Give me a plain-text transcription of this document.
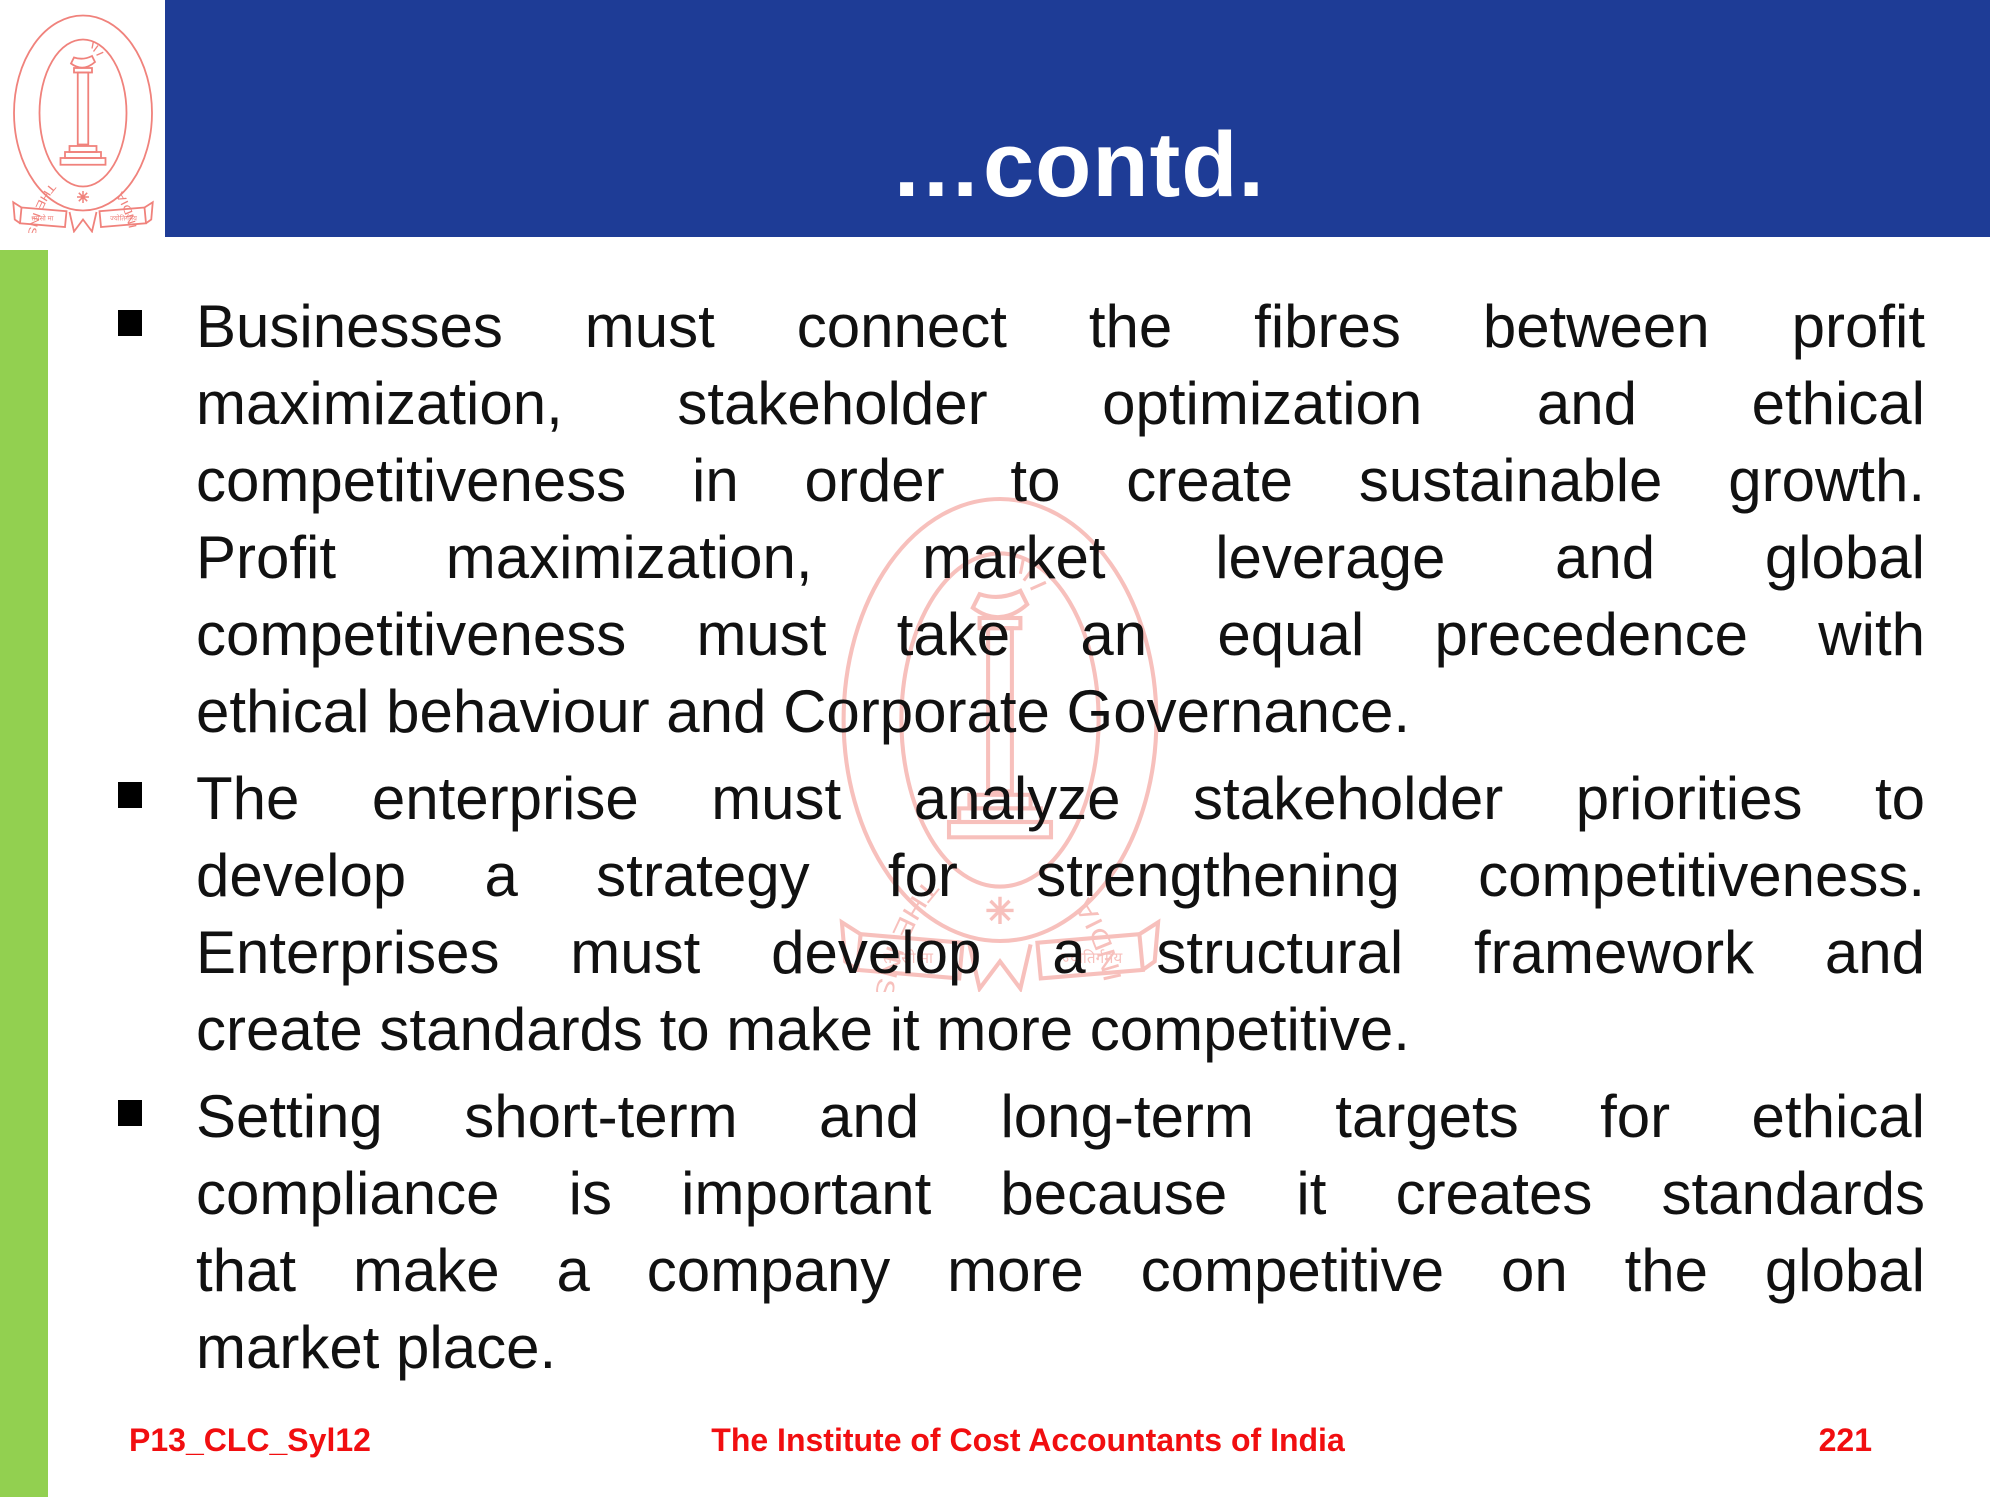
…contd.
Businesses must connect the fibres between profit
maximization, stakeholder optimization and ethical
competitiveness in order to create sustainable growth.
Profit maximization, market leverage and global
competitiveness must take an equal precedence with
ethical behaviour and Corporate Governance.
The enterprise must analyze stakeholder priorities to
develop a strategy for strengthening competitiveness.
Enterprises must develop a structural framework and
create standards to make it more competitive.
Setting short-term and long-term targets for ethical
compliance is important because it creates standards
that make a company more competitive on the global
market place.
P13_CLC_Syl12	The Institute of Cost Accountants of India	221
